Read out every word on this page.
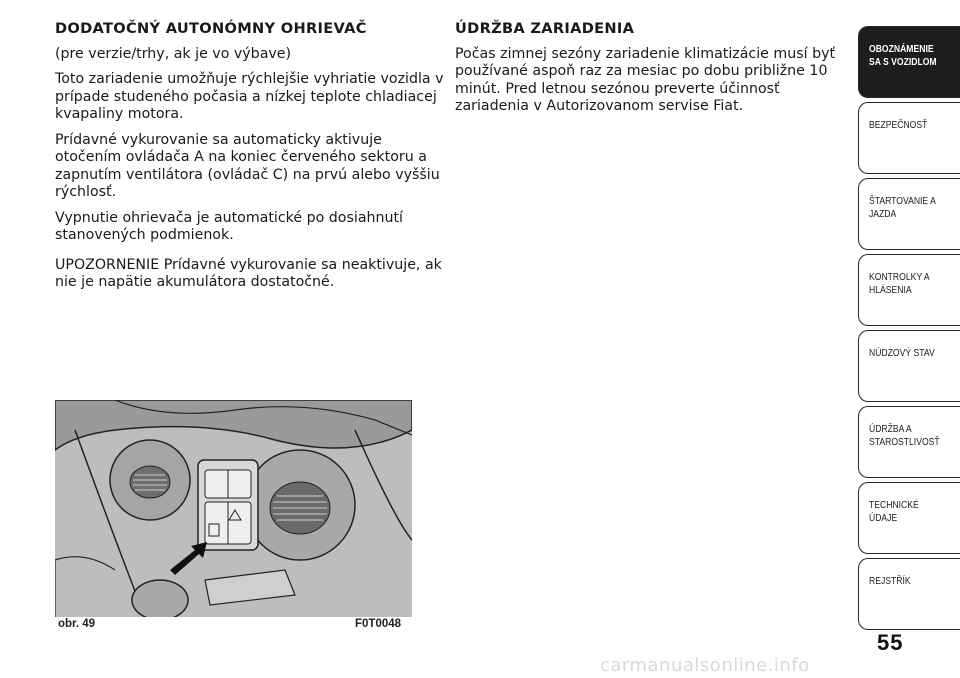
DODATOČNÝ AUTONÓMNY OHRIEVAČ

(pre verzie/trhy, ak je vo výbave)

Toto zariadenie umožňuje rýchlejšie vyhriatie vozidla v prípade studeného počasia a nízkej teplote chladiacej kvapaliny motora.

Prídavné vykurovanie sa automaticky aktivuje otočením ovládača A na koniec červeného sektoru a zapnutím ventilátora (ovládač C) na prvú alebo vyššiu rýchlosť.

Vypnutie ohrievača je automatické po dosiahnutí stanovených podmienok.

UPOZORNENIE Prídavné vykurovanie sa neaktivuje, ak nie je napätie akumulátora dostatočné.

ÚDRŽBA ZARIADENIA

Počas zimnej sezóny zariadenie klimatizácie musí byť používané aspoň raz za mesiac po dobu približne 10 minút. Pred letnou sezónou preverte účinnosť zariadenia v Autorizovanom servise Fiat.

obr. 49	F0T0048
OBOZNÁMENIE
SA S VOZIDLOM
BEZPEČNOSŤ
ŠTARTOVANIE A
JAZDA
KONTROLKY A
HLÁSENIA
NÚDZOVÝ STAV
ÚDRŽBA A
STAROSTLIVOSŤ
TECHNICKÉ ÚDAJE
REJSTŘÍK
55
carmanualsonline.info
